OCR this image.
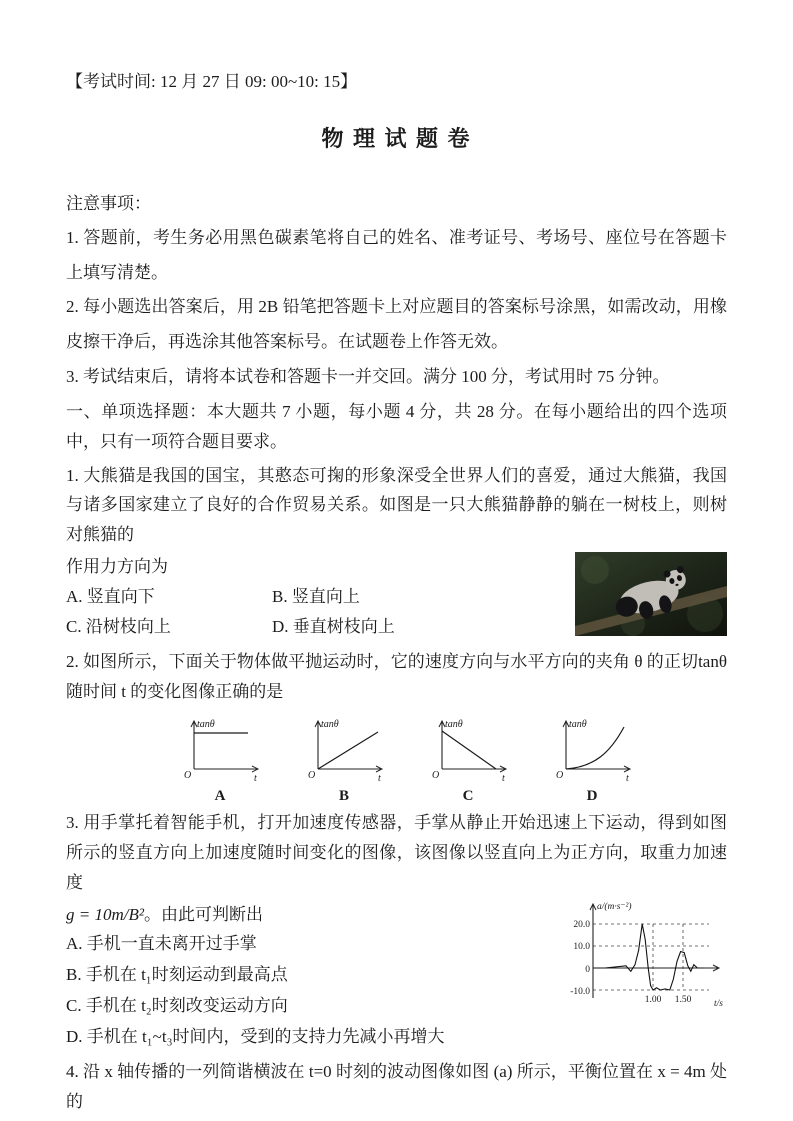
【考试时间: 12 月 27 日 09: 00~10: 15】
物 理 试 题 卷

注意事项：

1. 答题前，考生务必用黑色碳素笔将自己的姓名、准考证号、考场号、座位号在答题卡上填写清楚。

2. 每小题选出答案后，用 2B 铅笔把答题卡上对应题目的答案标号涂黑，如需改动，用橡皮擦干净后，再选涂其他答案标号。在试题卷上作答无效。

3. 考试结束后，请将本试卷和答题卡一并交回。满分 100 分，考试用时 75 分钟。

一、单项选择题：本大题共 7 小题，每小题 4 分，共 28 分。在每小题给出的四个选项中，只有一项符合题目要求。

1. 大熊猫是我国的国宝，其憨态可掬的形象深受全世界人们的喜爱，通过大熊猫，我国与诸多国家建立了良好的合作贸易关系。如图是一只大熊猫静静的躺在一树枝上，则树对熊猫的

作用力方向为

A. 竖直向下	B. 竖直向上

C. 沿树枝向上	D. 垂直树枝向上

2. 如图所示，下面关于物体做平抛运动时，它的速度方向与水平方向的夹角 θ 的正切tanθ 随时间 t 的变化图像正确的是

tanθ
O	t
A
tanθ
O	t
B
tanθ
O	t
C
tanθ
O	t
D

3. 用手掌托着智能手机，打开加速度传感器，手掌从静止开始迅速上下运动，得到如图所示的竖直方向上加速度随时间变化的图像，该图像以竖直向上为正方向，取重力加速度

a/(m·s⁻²)
t/s
20.0
10.0
0
-10.0
1.00 1.50

g = 10m/B²。由此可判断出

A. 手机一直未离开过手掌

B. 手机在 t₁时刻运动到最高点

C. 手机在 t₂时刻改变运动方向

D. 手机在 t₁~t₃时间内，受到的支持力先减小再增大

4. 沿 x 轴传播的一列简谐横波在 t=0 时刻的波动图像如图 (a) 所示，平衡位置在 x = 4m 处的
